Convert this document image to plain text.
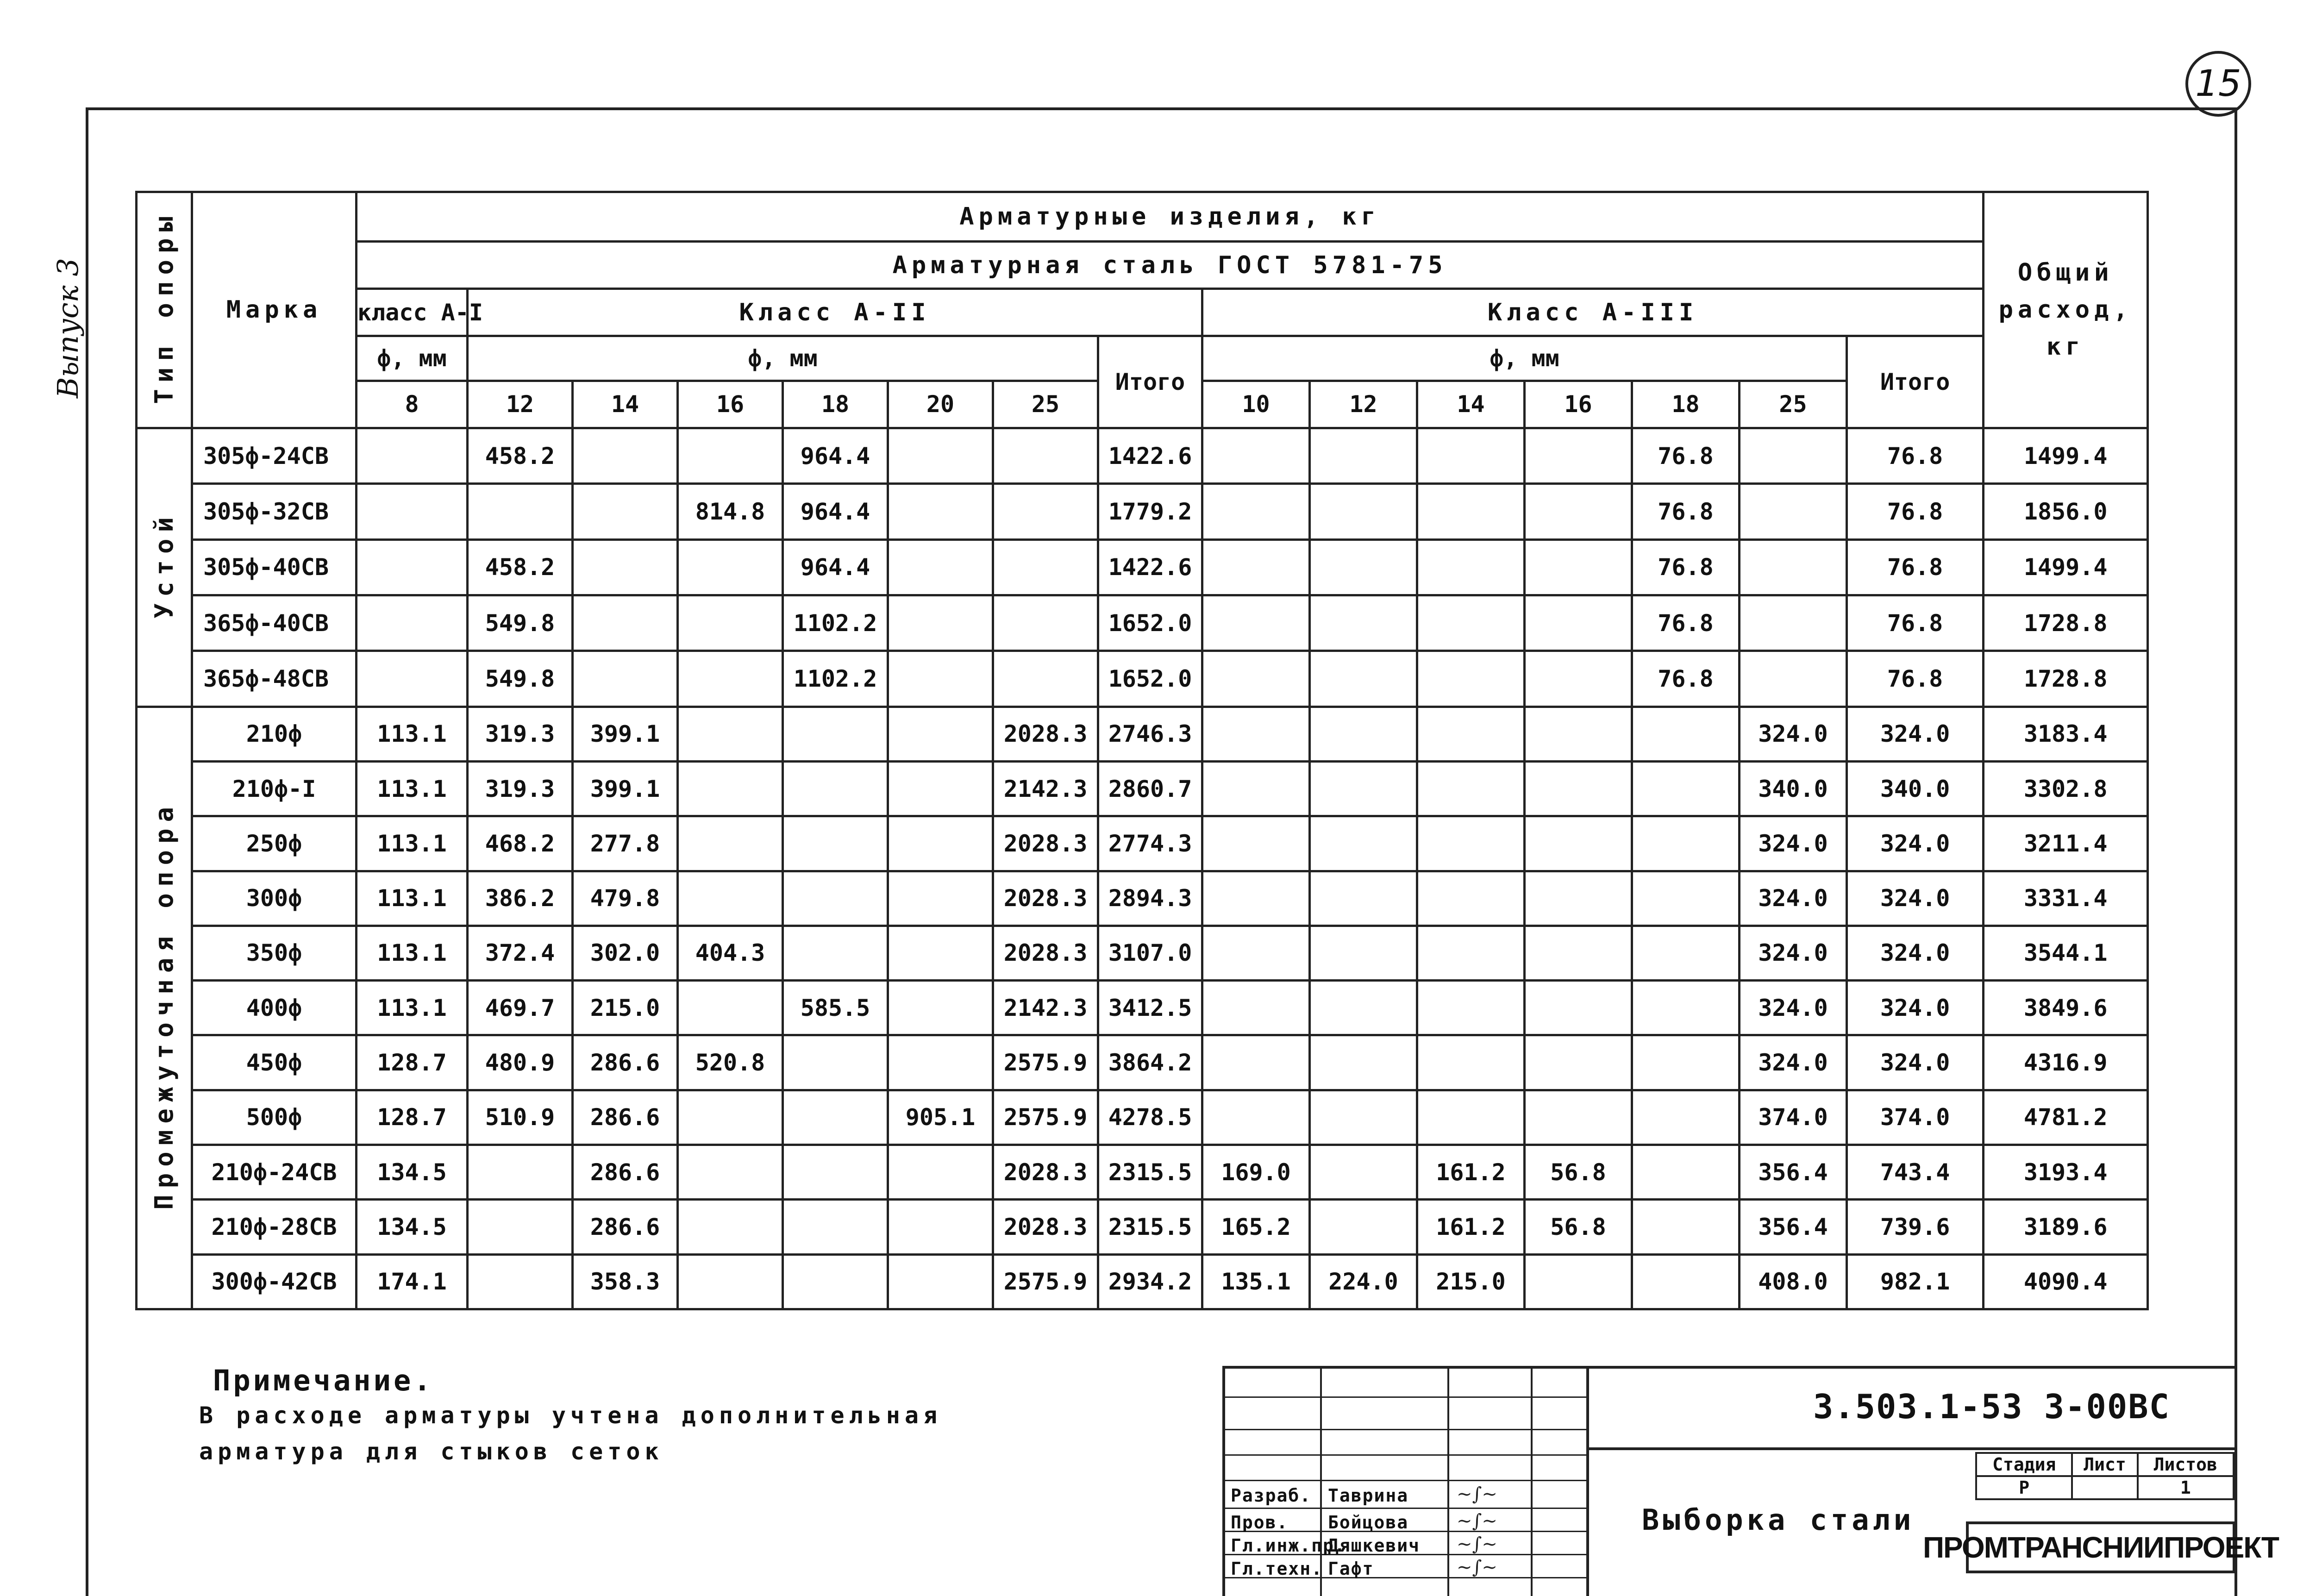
15
Выпуск 3	Тип опоры	Марка	Арматурные изделия, кг															Общий расход, кг

		Арматурная сталь ГОСТ 5781-75															
		класс А-I	Класс А-II							Класс А-III							
		ф, мм	ф, мм						Итого	ф, мм						Итого	
		8	12	14	16	18	20	25		10	12	14	16	18	25		
Устой	305ф-24СВ		458.2			964.4			1422.6					76.8		76.8	1499.4
	305ф-32СВ				814.8	964.4			1779.2					76.8		76.8	1856.0
	305ф-40СВ		458.2			964.4			1422.6					76.8		76.8	1499.4
	365ф-40СВ		549.8			1102.2			1652.0					76.8		76.8	1728.8
	365ф-48СВ		549.8			1102.2			1652.0					76.8		76.8	1728.8
Промежуточная опора	210ф	113.1	319.3	399.1				2028.3	2746.3						324.0	324.0	3183.4
	210ф-I	113.1	319.3	399.1				2142.3	2860.7						340.0	340.0	3302.8
	250ф	113.1	468.2	277.8				2028.3	2774.3						324.0	324.0	3211.4
	300ф	113.1	386.2	479.8				2028.3	2894.3						324.0	324.0	3331.4
	350ф	113.1	372.4	302.0	404.3			2028.3	3107.0						324.0	324.0	3544.1
	400ф	113.1	469.7	215.0		585.5		2142.3	3412.5						324.0	324.0	3849.6
	450ф	128.7	480.9	286.6	520.8			2575.9	3864.2						324.0	324.0	4316.9
	500ф	128.7	510.9	286.6			905.1	2575.9	4278.5						374.0	374.0	4781.2
	210ф-24СВ	134.5		286.6				2028.3	2315.5	169.0		161.2	56.8		356.4	743.4	3193.4
	210ф-28СВ	134.5		286.6				2028.3	2315.5	165.2		161.2	56.8		356.4	739.6	3189.6
	300ф-42СВ	174.1		358.3				2575.9	2934.2	135.1	224.0	215.0			408.0	982.1	4090.4
Примечание.
В расходе арматуры учтена дополнительная
арматура для стыков сеток
Разраб. Таврина	~∫~
Пров. Бойцова	~∫~
Гл.инж.пр.
Дяшкевич ~∫~
Гл.техн. Гафт	~∫~
3.503.1-53 3-00ВС
Выборка стали
Стадия	Лист	Листов
Р		1
ПРОМТРАНСНИИПРОЕКТ
